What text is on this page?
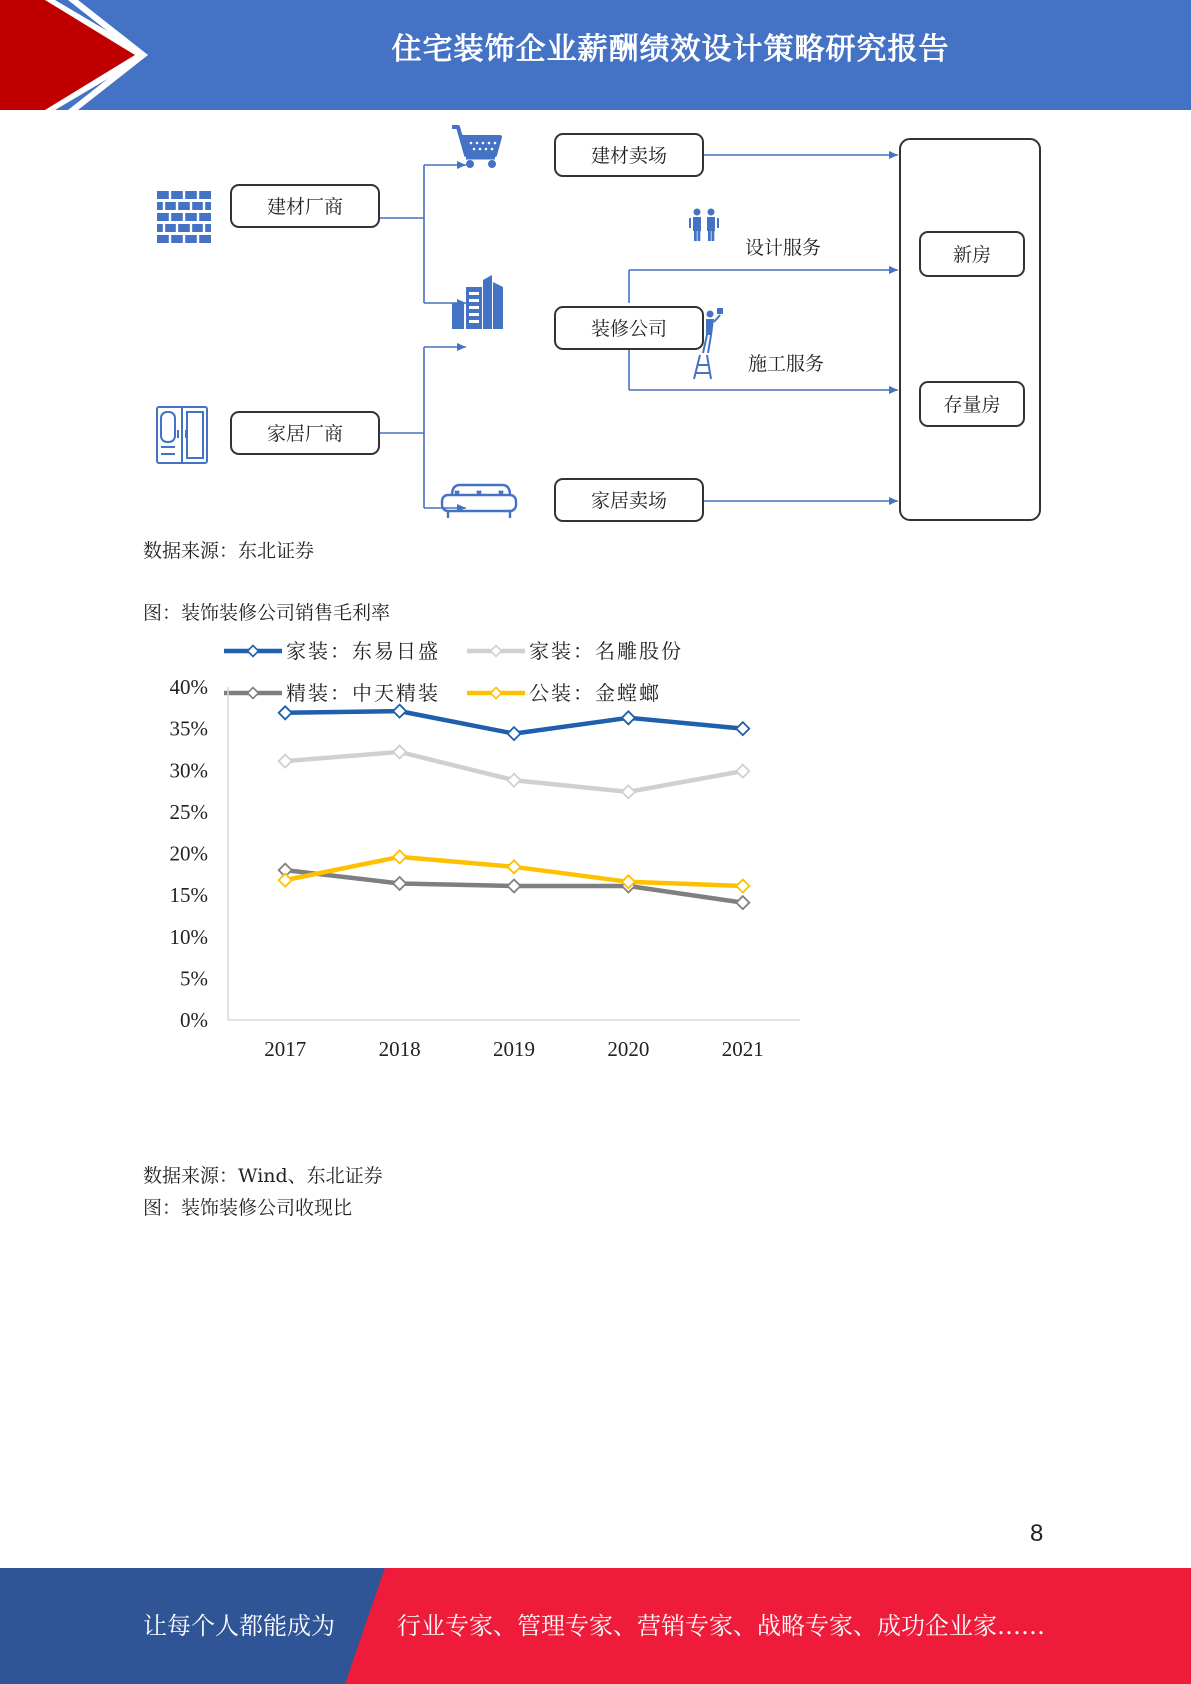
住宅装饰企业薪酬绩效设计策略研究报告
建材厂商
家居厂商
建材卖场
装修公司
家居卖场
新房
存量房
设计服务
施工服务
数据来源：东北证券
图：装饰装修公司销售毛利率
家装：东易日盛	家装：名雕股份
精装：中天精装	公装：金螳螂
0%
5%
10%
15%
20%
25%
30%
35%
40%
2017	2018	2019	2020	2021
数据来源：Wind、东北证券
图：装饰装修公司收现比
8
让每个人都能成为	行业专家、管理专家、营销专家、战略专家、成功企业家……
